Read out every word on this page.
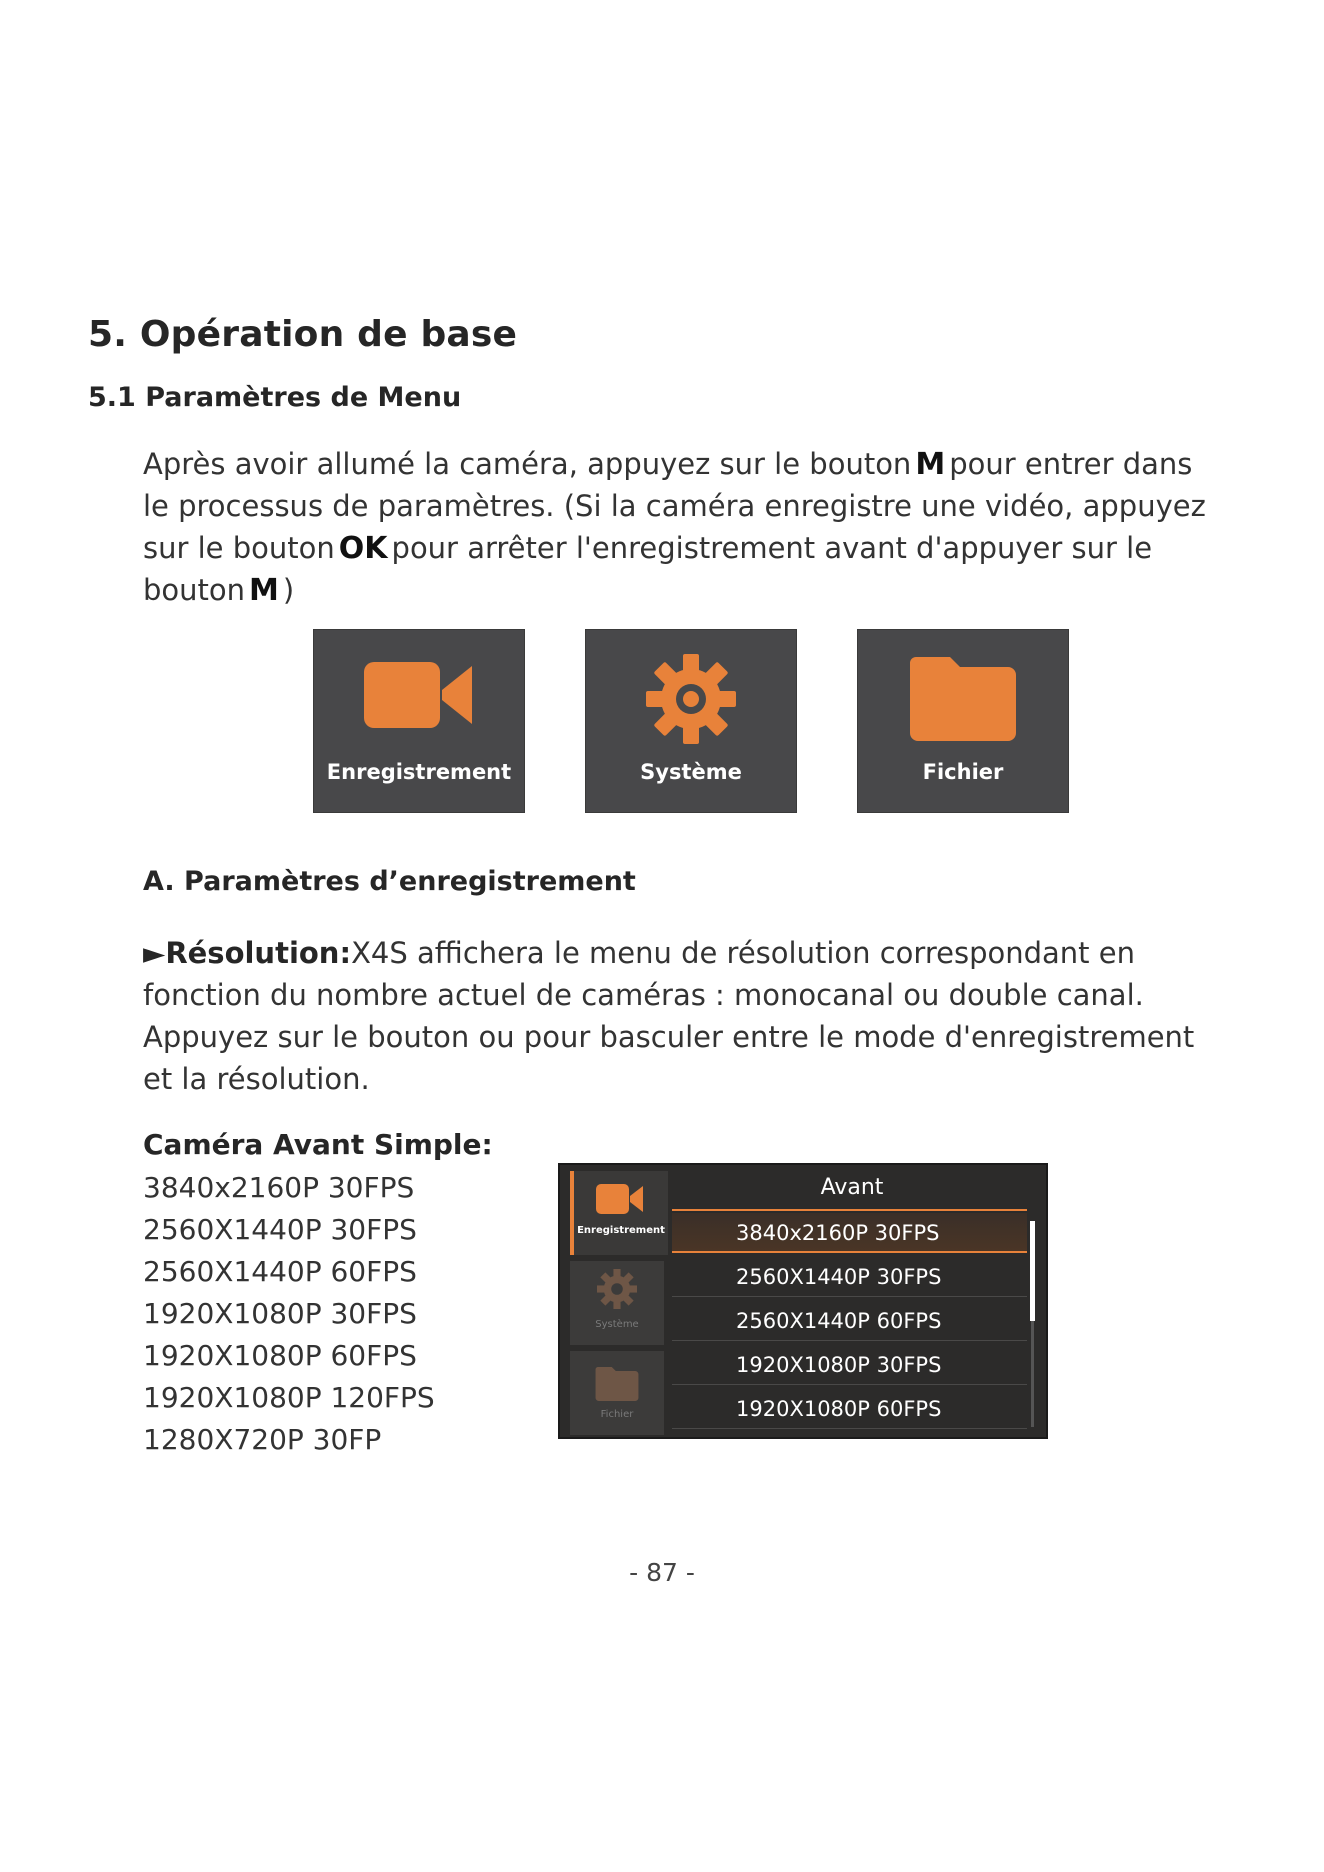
5. Opération de base
5.1 Paramètres de Menu

Après avoir allumé la caméra, appuyez sur le bouton M pour entrer dans

le processus de paramètres. (Si la caméra enregistre une vidéo, appuyez

sur le bouton OK pour arrêter l'enregistrement avant d'appuyer sur le

bouton M )

Enregistrement	Système	Fichier
A. Paramètres d’enregistrement

►Résolution:X4S affichera le menu de résolution correspondant en

fonction du nombre actuel de caméras : monocanal ou double canal.

Appuyez sur le bouton ou pour basculer entre le mode d'enregistrement

et la résolution.

Caméra Avant Simple:
3840x2160P 30FPS
2560X1440P 30FPS
2560X1440P 60FPS
1920X1080P 30FPS
1920X1080P 60FPS
1920X1080P 120FPS
1280X720P 30FP
Enregistrement
Système
Fichier
Avant
3840x2160P 30FPS
2560X1440P 30FPS
2560X1440P 60FPS
1920X1080P 30FPS
1920X1080P 60FPS
- 87 -
